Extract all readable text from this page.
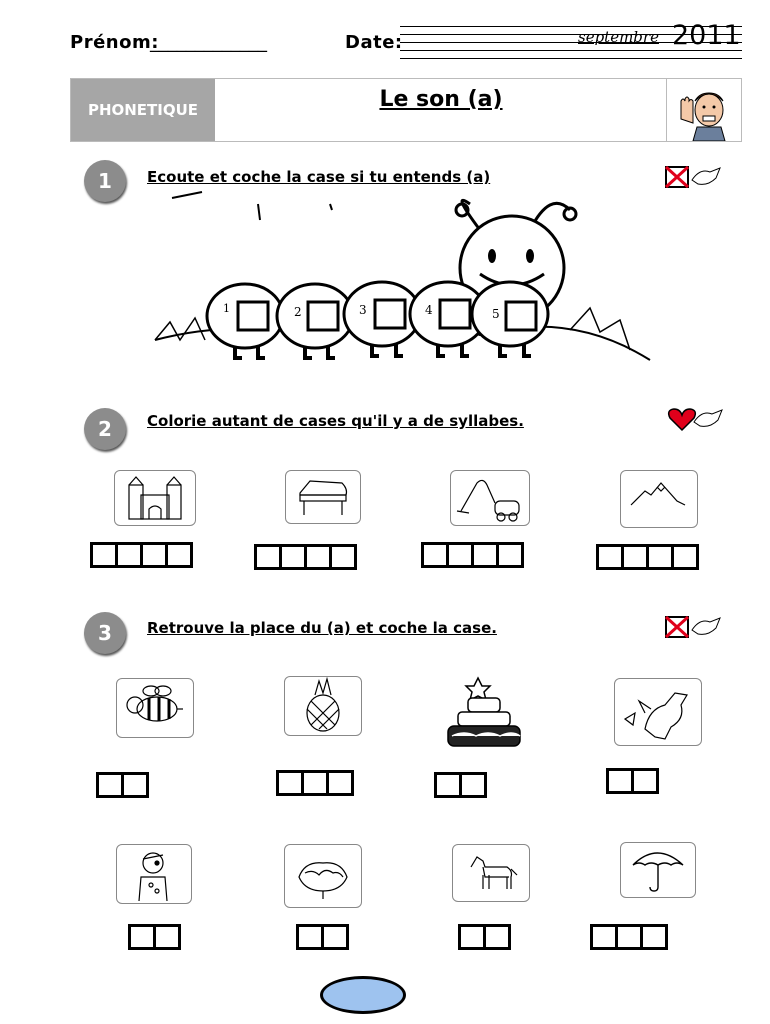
Prénom:
_____________	Date:	septembre 2011
PHONETIQUE	Le son (a)
1	Ecoute et coche la case si tu entends (a)
1	2	3	4	5
2	Colorie autant de cases qu'il y a de syllabes.
3	Retrouve la place du (a) et coche la case.
